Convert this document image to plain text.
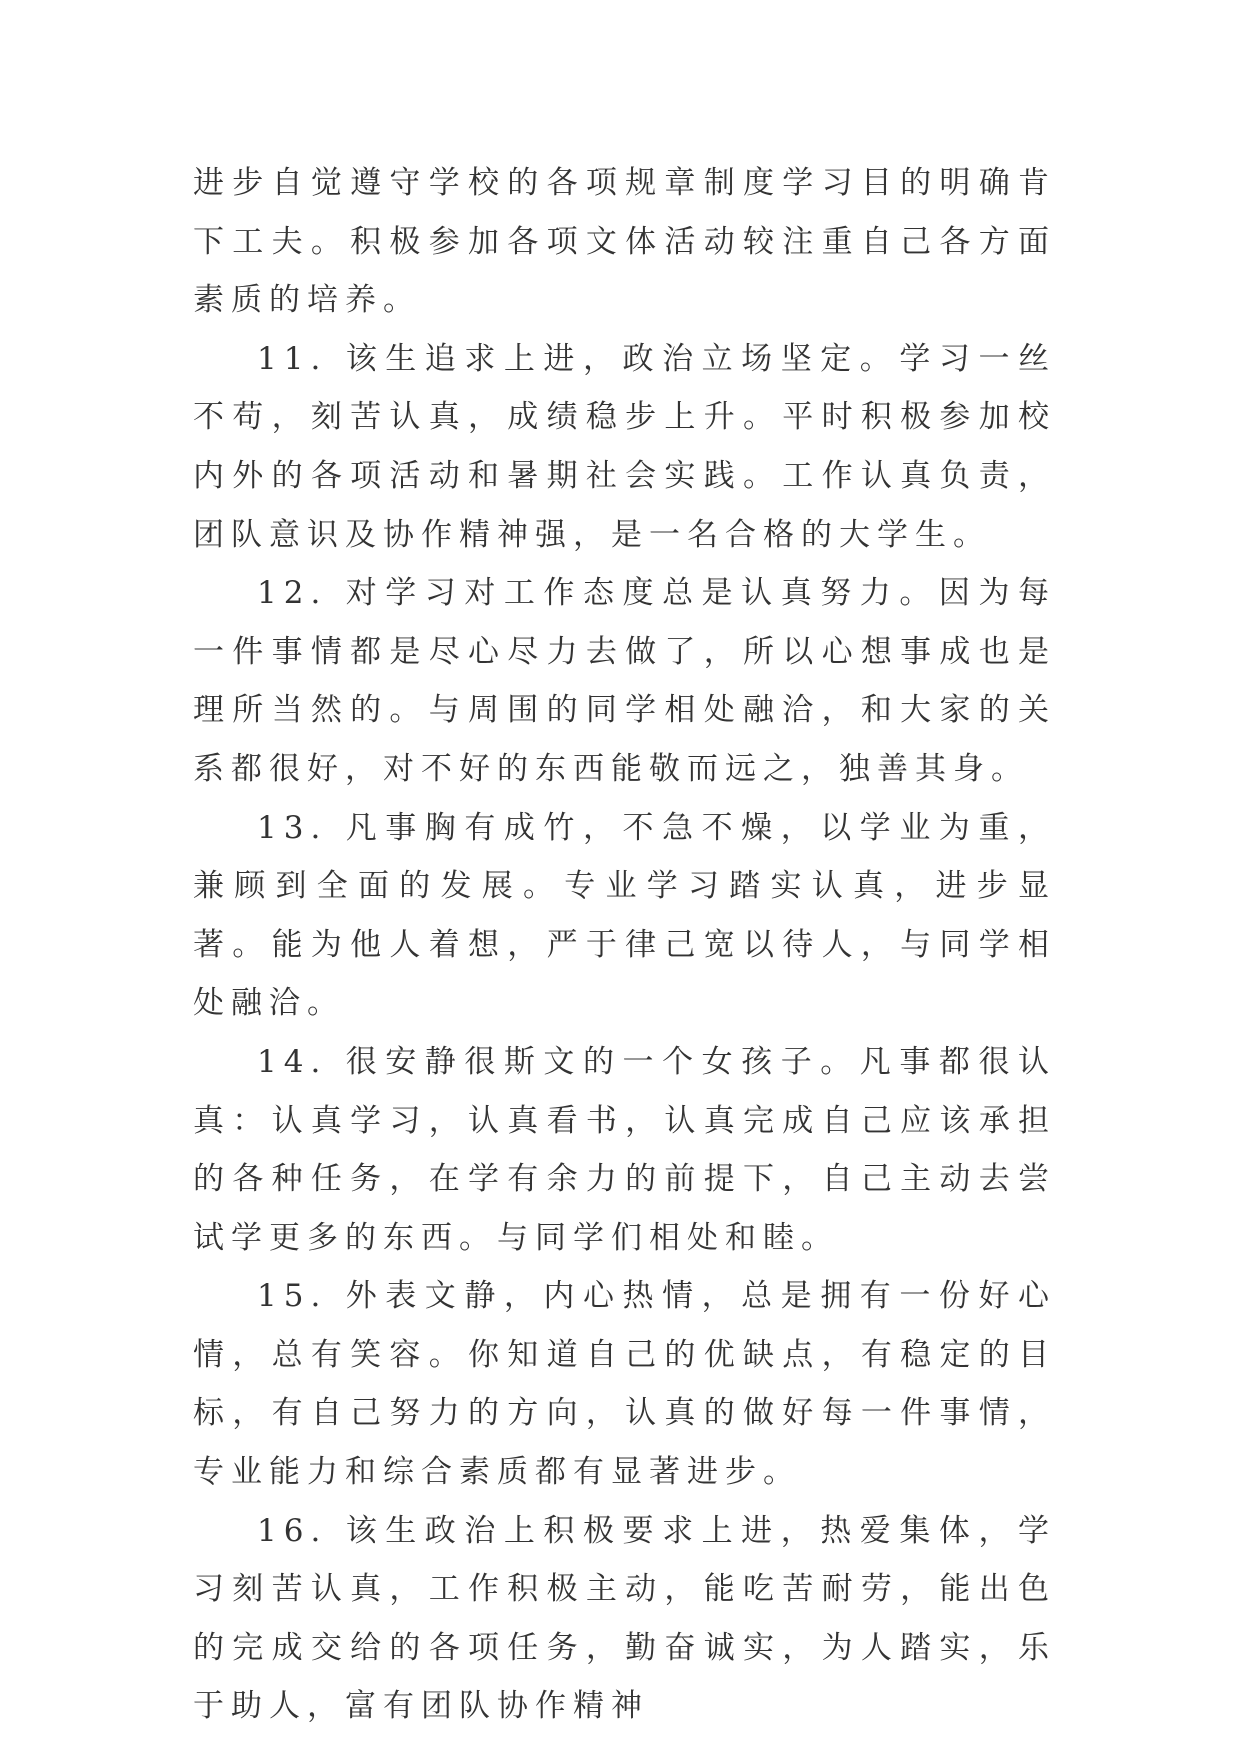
进步自觉遵守学校的各项规章制度学习目的明确肯下工夫。积极参加各项文体活动较注重自己各方面素质的培养。

11. 该生追求上进，政治立场坚定。学习一丝不苟，刻苦认真，成绩稳步上升。平时积极参加校内外的各项活动和暑期社会实践。工作认真负责，团队意识及协作精神强，是一名合格的大学生。

12. 对学习对工作态度总是认真努力。因为每一件事情都是尽心尽力去做了，所以心想事成也是理所当然的。与周围的同学相处融洽，和大家的关系都很好，对不好的东西能敬而远之，独善其身。

13. 凡事胸有成竹，不急不燥，以学业为重，兼顾到全面的发展。专业学习踏实认真，进步显著。能为他人着想，严于律己宽以待人，与同学相处融洽。

14. 很安静很斯文的一个女孩子。凡事都很认真：认真学习，认真看书，认真完成自己应该承担的各种任务，在学有余力的前提下，自己主动去尝试学更多的东西。与同学们相处和睦。

15. 外表文静，内心热情，总是拥有一份好心情，总有笑容。你知道自己的优缺点，有稳定的目标，有自己努力的方向，认真的做好每一件事情，专业能力和综合素质都有显著进步。

16. 该生政治上积极要求上进，热爱集体，学习刻苦认真，工作积极主动，能吃苦耐劳，能出色的完成交给的各项任务，勤奋诚实，为人踏实，乐于助人，富有团队协作精神
